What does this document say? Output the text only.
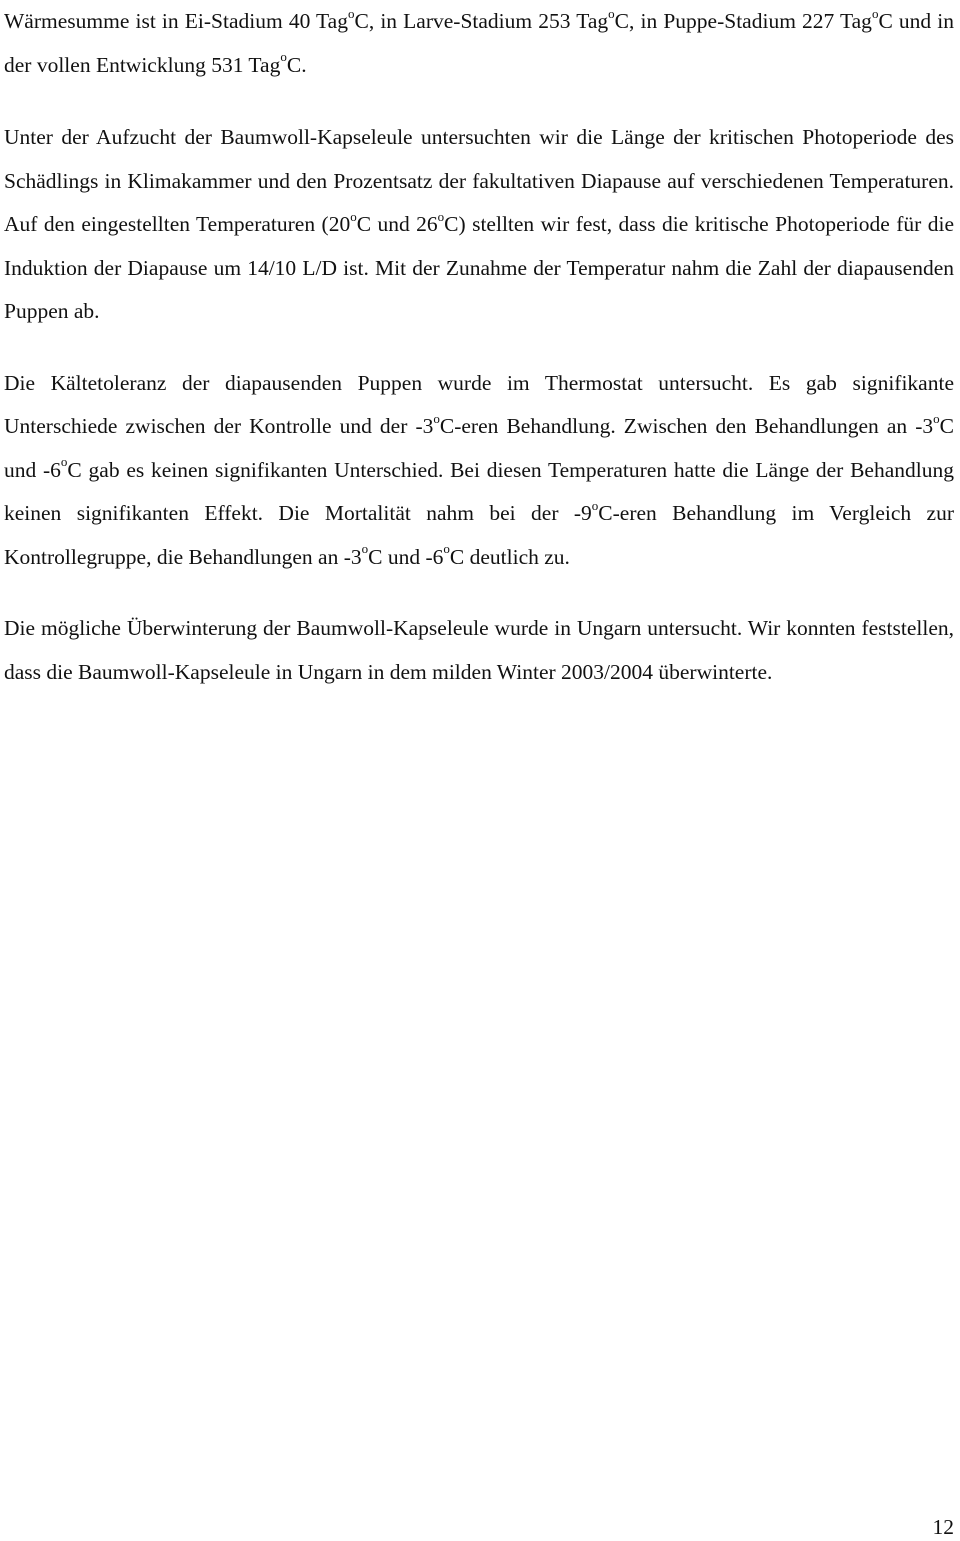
Wärmesumme ist in Ei-Stadium 40 Tag$^o$C, in Larve-Stadium 253 Tag$^o$C, in Puppe-Stadium 227 Tag$^o$C und in der vollen Entwicklung 531 Tag$^o$C.

Unter der Aufzucht der Baumwoll-Kapseleule untersuchten wir die Länge der kritischen Photoperiode des Schädlings in Klimakammer und den Prozentsatz der fakultativen Diapause auf verschiedenen Temperaturen. Auf den eingestellten Temperaturen (20$^o$C und 26$^o$C) stellten wir fest, dass die kritische Photoperiode für die Induktion der Diapause um 14/10 L/D ist. Mit der Zunahme der Temperatur nahm die Zahl der diapausenden Puppen ab.

Die Kältetoleranz der diapausenden Puppen wurde im Thermostat untersucht. Es gab signifikante Unterschiede zwischen der Kontrolle und der -3$^o$C-eren Behandlung. Zwischen den Behandlungen an -3$^o$C und -6$^o$C gab es keinen signifikanten Unterschied. Bei diesen Temperaturen hatte die Länge der Behandlung keinen signifikanten Effekt. Die Mortalität nahm bei der -9$^o$C-eren Behandlung im Vergleich zur Kontrollegruppe, die Behandlungen an -3$^o$C und -6$^o$C deutlich zu.

Die mögliche Überwinterung der Baumwoll-Kapseleule wurde in Ungarn untersucht. Wir konnten feststellen, dass die Baumwoll-Kapseleule in Ungarn in dem milden Winter 2003/2004 überwinterte.

12
